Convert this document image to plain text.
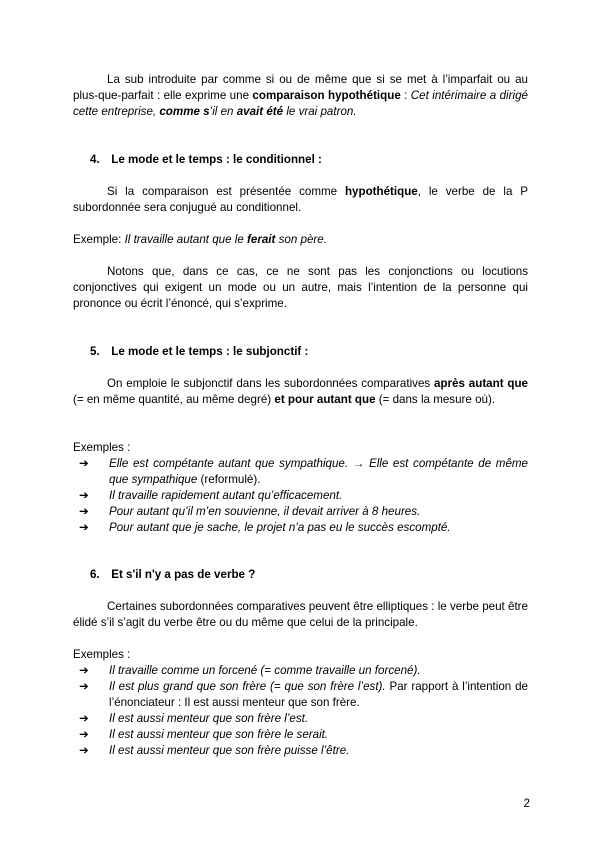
La sub introduite par comme si ou de même que si se met à l’imparfait ou au plus-que-parfait : elle exprime une comparaison hypothétique : Cet intérimaire a dirigé cette entreprise, comme s’il en avait été le vrai patron.

4. Le mode et le temps : le conditionnel :

Si la comparaison est présentée comme hypothétique, le verbe de la P subordonnée sera conjugué au conditionnel.

Exemple: Il travaille autant que le ferait son père.

Notons que, dans ce cas, ce ne sont pas les conjonctions ou locutions conjonctives qui exigent un mode ou un autre, mais l’intention de la personne qui prononce ou écrit l’énoncé, qui s’exprime.

5. Le mode et le temps : le subjonctif :

On emploie le subjonctif dans les subordonnées comparatives après autant que (= en même quantité, au même degré) et pour autant que (= dans la mesure où).

Exemples :

➔	Elle est compétante autant que sympathique. → Elle est compétante de même que sympathique (reformulé).
➔	Il travaille rapidement autant qu’efficacement.
➔	Pour autant qu’il m’en souvienne, il devait arriver à 8 heures.
➔	Pour autant que je sache, le projet n’a pas eu le succès escompté.
6. Et s'il n'y a pas de verbe ?

Certaines subordonnées comparatives peuvent être elliptiques : le verbe peut être élidé s’il s’agit du verbe être ou du même que celui de la principale.

Exemples :

➔	Il travaille comme un forcené (= comme travaille un forcené).
➔	Il est plus grand que son frère (= que son frère l’est). Par rapport à l’intention de l’énonciateur : Il est aussi menteur que son frère.
➔	Il est aussi menteur que son frère l’est.
➔	Il est aussi menteur que son frère le serait.
➔	Il est aussi menteur que son frère puisse l’être.
2
